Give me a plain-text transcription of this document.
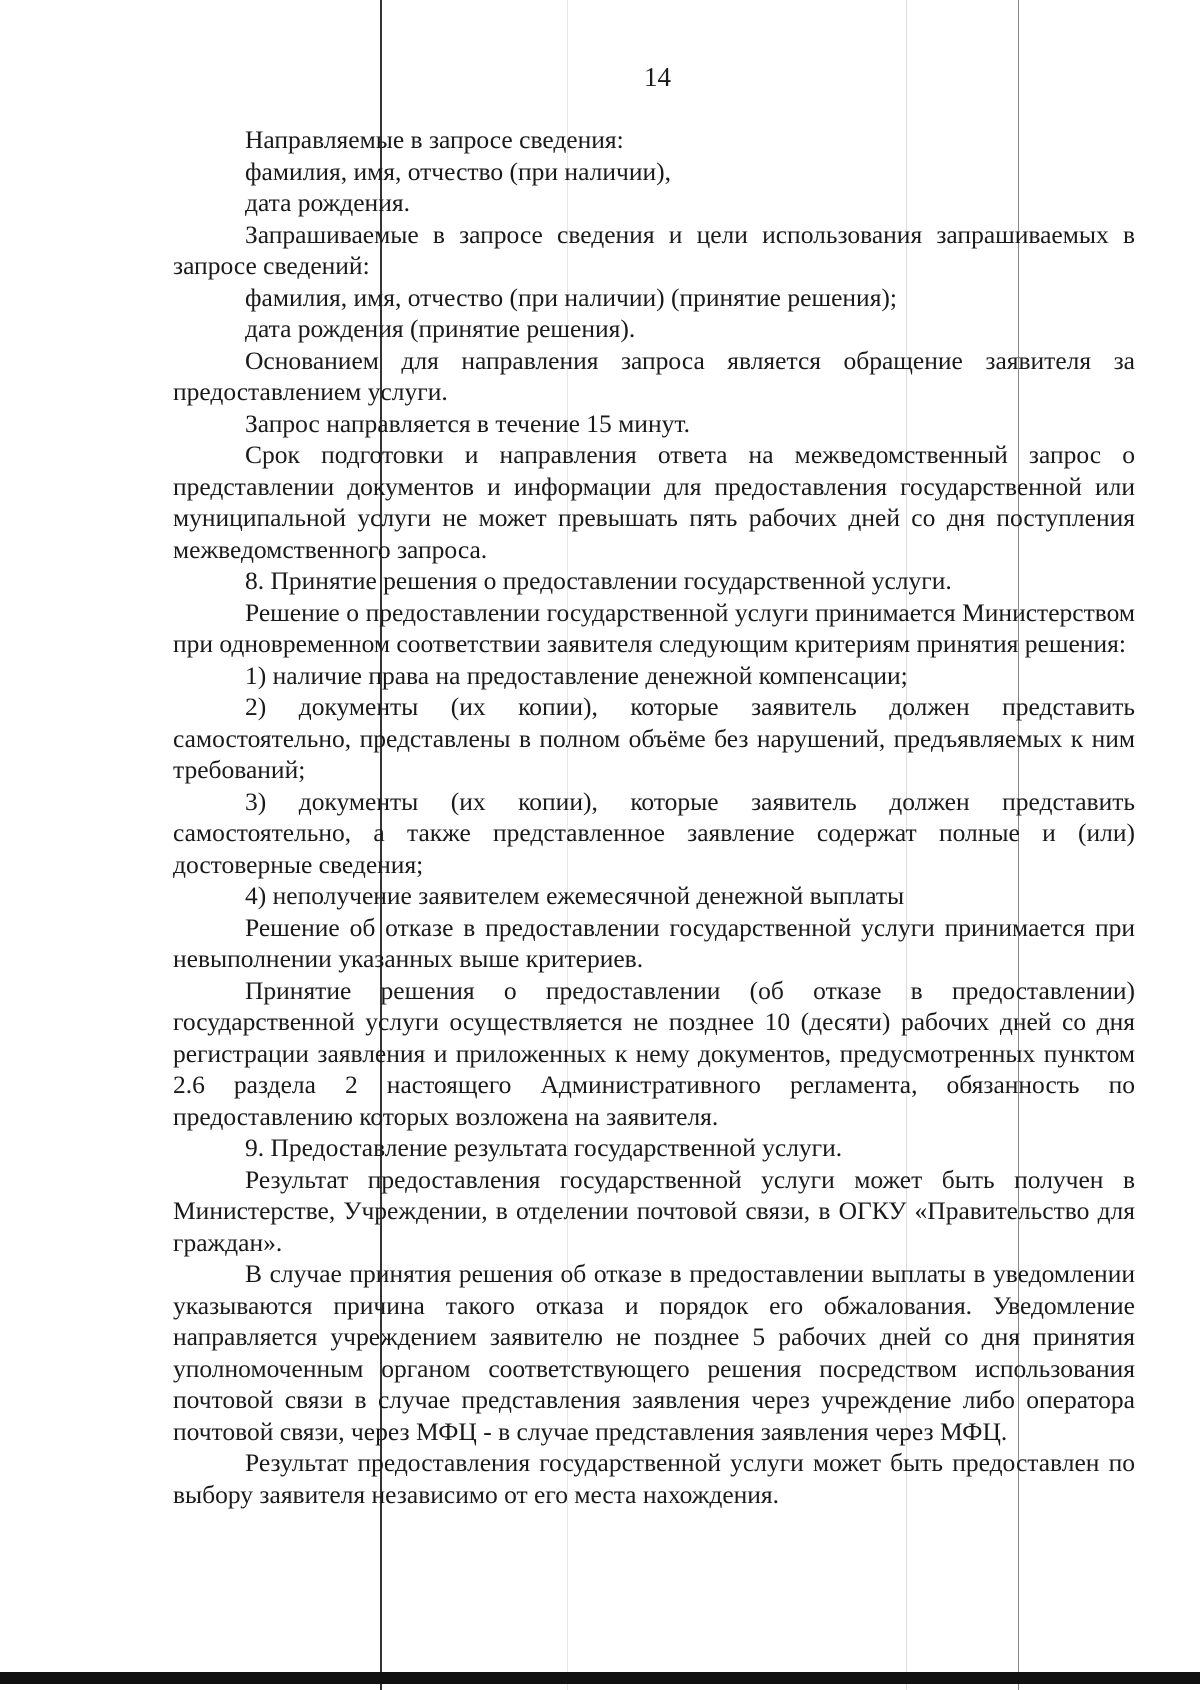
14

Направляемые в запросе сведения:

фамилия, имя, отчество (при наличии),

дата рождения.

Запрашиваемые в запросе сведения и цели использования запрашиваемых в запросе сведений:

фамилия, имя, отчество (при наличии) (принятие решения);

дата рождения (принятие решения).

Основанием для направления запроса является обращение заявителя за предоставлением услуги.

Запрос направляется в течение 15 минут.

Срок подготовки и направления ответа на межведомственный запрос о представлении документов и информации для предоставления государственной или муниципальной услуги не может превышать пять рабочих дней со дня поступления межведомственного запроса.

8. Принятие решения о предоставлении государственной услуги.

Решение о предоставлении государственной услуги принимается Министерством при одновременном соответствии заявителя следующим критериям принятия решения:

1) наличие права на предоставление денежной компенсации;

2) документы (их копии), которые заявитель должен представить самостоятельно, представлены в полном объёме без нарушений, предъявляемых к ним требований;

3) документы (их копии), которые заявитель должен представить самостоятельно, а также представленное заявление содержат полные и (или) достоверные сведения;

4) неполучение заявителем ежемесячной денежной выплаты

Решение об отказе в предоставлении государственной услуги принимается при невыполнении указанных выше критериев.

Принятие решения о предоставлении (об отказе в предоставлении) государственной услуги осуществляется не позднее 10 (десяти) рабочих дней со дня регистрации заявления и приложенных к нему документов, предусмотренных пунктом 2.6 раздела 2 настоящего Административного регламента, обязанность по предоставлению которых возложена на заявителя.

9. Предоставление результата государственной услуги.

Результат предоставления государственной услуги может быть получен в Министерстве, Учреждении, в отделении почтовой связи, в ОГКУ «Правительство для граждан».

В случае принятия решения об отказе в предоставлении выплаты в уведомлении указываются причина такого отказа и порядок его обжалования. Уведомление направляется учреждением заявителю не позднее 5 рабочих дней со дня принятия уполномоченным органом соответствующего решения посредством использования почтовой связи в случае представления заявления через учреждение либо оператора почтовой связи, через МФЦ - в случае представления заявления через МФЦ.

Результат предоставления государственной услуги может быть предоставлен по выбору заявителя независимо от его места нахождения.
